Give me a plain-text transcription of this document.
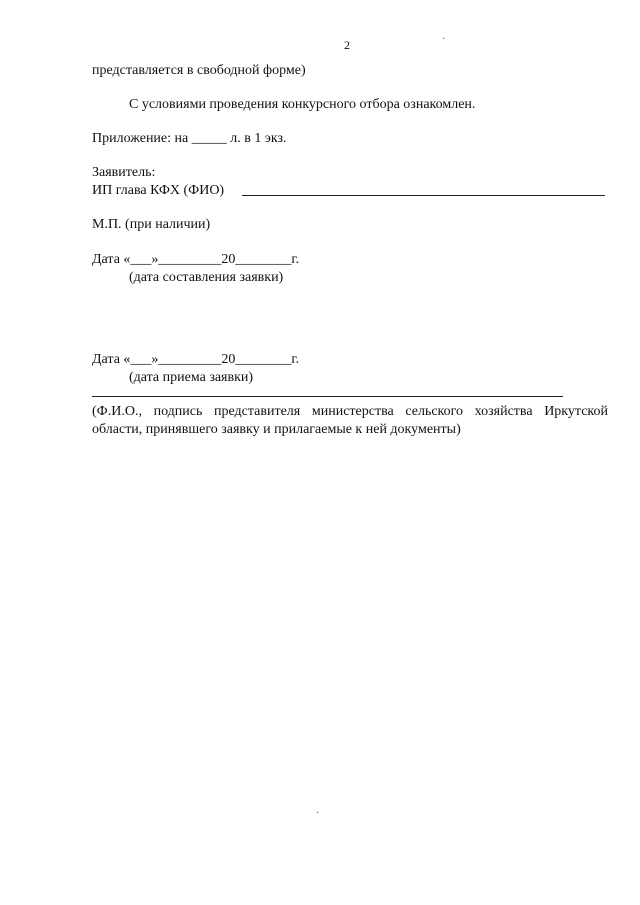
2	·
представляется в свободной форме)
С условиями проведения конкурсного отбора ознакомлен.
Приложение: на _____ л. в 1 экз.
Заявитель:
ИП глава КФХ (ФИО)
М.П. (при наличии)
Дата «___»_________20________г.
(дата составления заявки)
Дата «___»_________20________г.
(дата приема заявки)
(Ф.И.О., подпись представителя министерства сельского хозяйства Иркутской области, принявшего заявку и прилагаемые к ней документы)
·
